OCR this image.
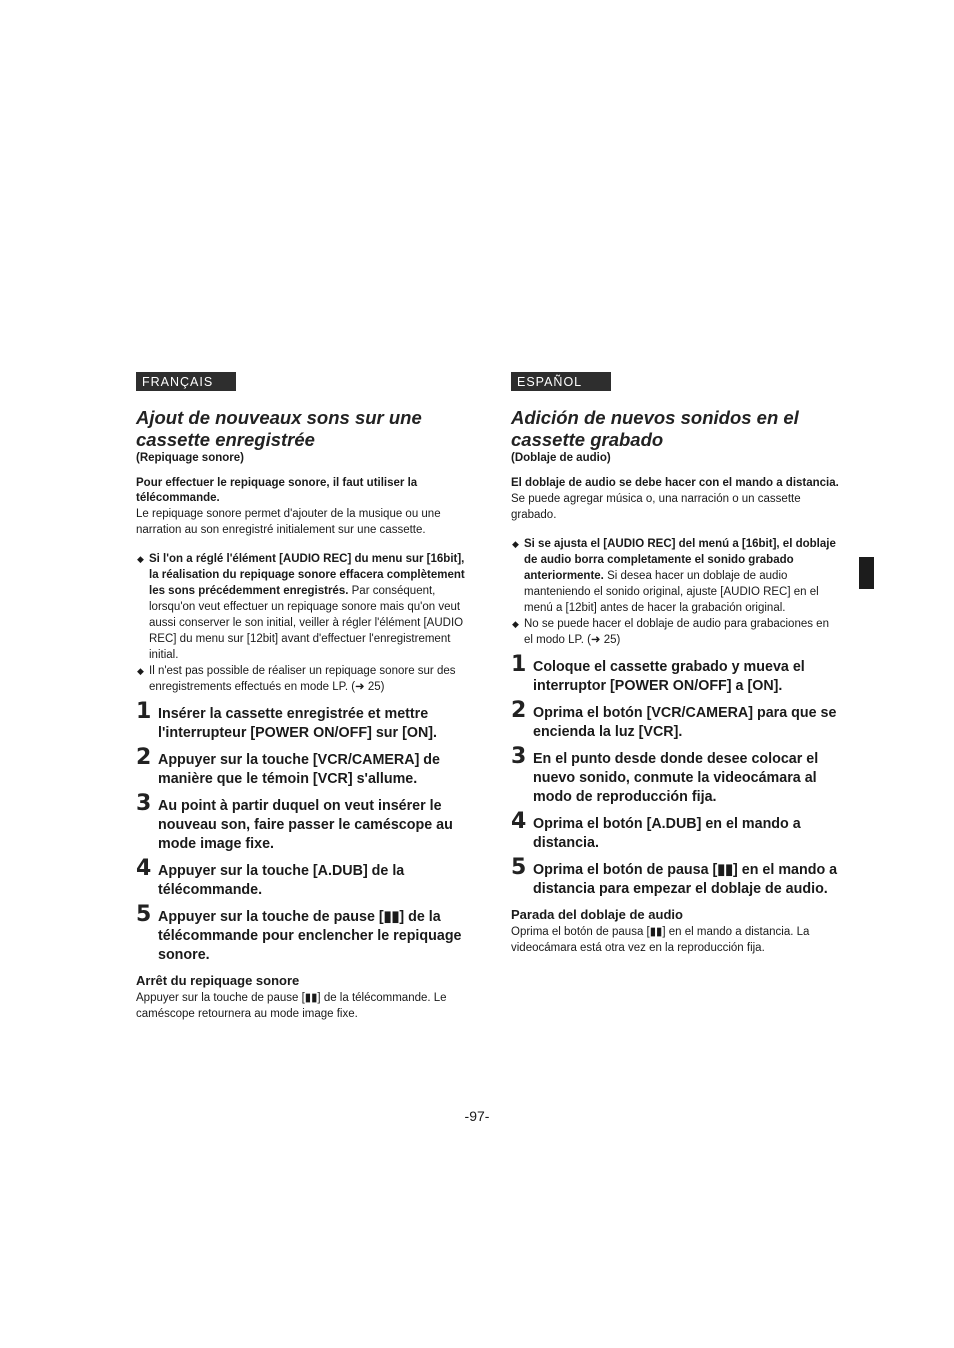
FRANÇAIS
Ajout de nouveaux sons sur une cassette enregistrée
(Repiquage sonore)

Pour effectuer le repiquage sonore, il faut utiliser la télécommande.

Le repiquage sonore permet d'ajouter de la musique ou une narration au son enregistré initialement sur une cassette.

◆ Si l'on a réglé l'élément [AUDIO REC] du menu sur [16bit], la réalisation du repiquage sonore effacera complètement les sons précédemment enregistrés. Par conséquent, lorsqu'on veut effectuer un repiquage sonore mais qu'on veut aussi conserver le son initial, veiller à régler l'élément [AUDIO REC] du menu sur [12bit] avant d'effectuer l'enregistrement initial.
◆ Il n'est pas possible de réaliser un repiquage sonore sur des enregistrements effectués en mode LP. (➜ 25)
1 Insérer la cassette enregistrée et mettre l'interrupteur [POWER ON/OFF] sur [ON].
2 Appuyer sur la touche [VCR/CAMERA] de manière que le témoin [VCR] s'allume.
3 Au point à partir duquel on veut insérer le nouveau son, faire passer le caméscope au mode image fixe.
4 Appuyer sur la touche [A.DUB] de la télécommande.
5 Appuyer sur la touche de pause [▮▮] de la télécommande pour enclencher le repiquage sonore.
Arrêt du repiquage sonore

Appuyer sur la touche de pause [▮▮] de la télécommande. Le caméscope retournera au mode image fixe.

ESPAÑOL
Adición de nuevos sonidos en el cassette grabado
(Doblaje de audio)

El doblaje de audio se debe hacer con el mando a distancia.

Se puede agregar música o, una narración o un cassette grabado.

◆ Si se ajusta el [AUDIO REC] del menú a [16bit], el doblaje de audio borra completamente el sonido grabado anteriormente. Si desea hacer un doblaje de audio manteniendo el sonido original, ajuste [AUDIO REC] en el menú a [12bit] antes de hacer la grabación original.
◆ No se puede hacer el doblaje de audio para grabaciones en el modo LP. (➜ 25)
1 Coloque el cassette grabado y mueva el interruptor [POWER ON/OFF] a [ON].
2 Oprima el botón [VCR/CAMERA] para que se encienda la luz [VCR].
3 En el punto desde donde desee colocar el nuevo sonido, conmute la videocámara al modo de reproducción fija.
4 Oprima el botón [A.DUB] en el mando a distancia.
5 Oprima el botón de pausa [▮▮] en el mando a distancia para empezar el doblaje de audio.
Parada del doblaje de audio

Oprima el botón de pausa [▮▮] en el mando a distancia. La videocámara está otra vez en la reproducción fija.

-97-
